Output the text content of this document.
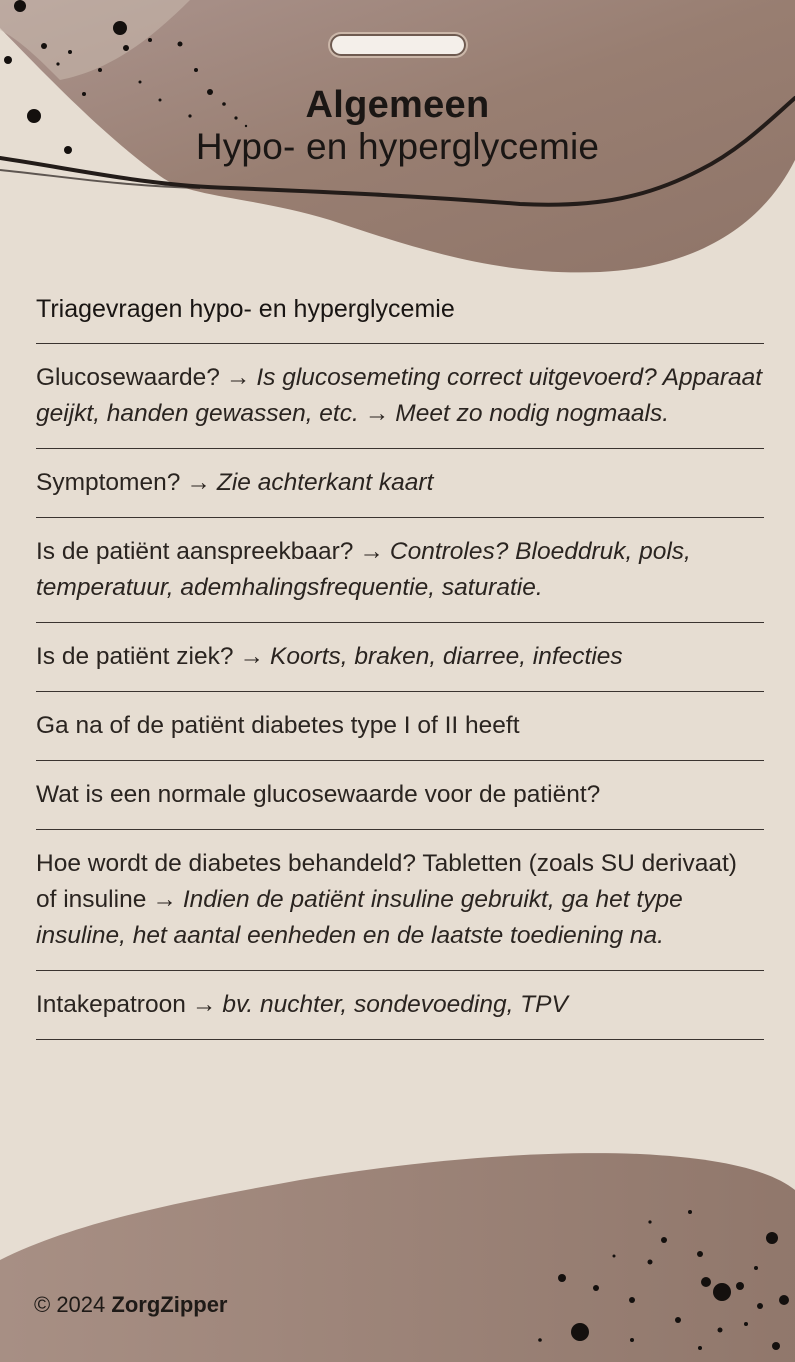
Algemeen
Hypo- en hyperglycemie
Triagevragen hypo- en hyperglycemie
Glucosewaarde? → Is glucosemeting correct uitgevoerd? Apparaat geijkt, handen gewassen, etc. → Meet zo nodig nogmaals.
Symptomen? → Zie achterkant kaart
Is de patiënt aanspreekbaar? → Controles? Bloeddruk, pols, temperatuur, ademhalingsfrequentie, saturatie.
Is de patiënt ziek? → Koorts, braken, diarree, infecties
Ga na of de patiënt diabetes type I of II heeft
Wat is een normale glucosewaarde voor de patiënt?
Hoe wordt de diabetes behandeld? Tabletten (zoals SU derivaat) of insuline → Indien de patiënt insuline gebruikt, ga het type insuline, het aantal eenheden en de laatste toediening na.
Intakepatroon → bv. nuchter, sondevoeding, TPV
© 2024 ZorgZipper
